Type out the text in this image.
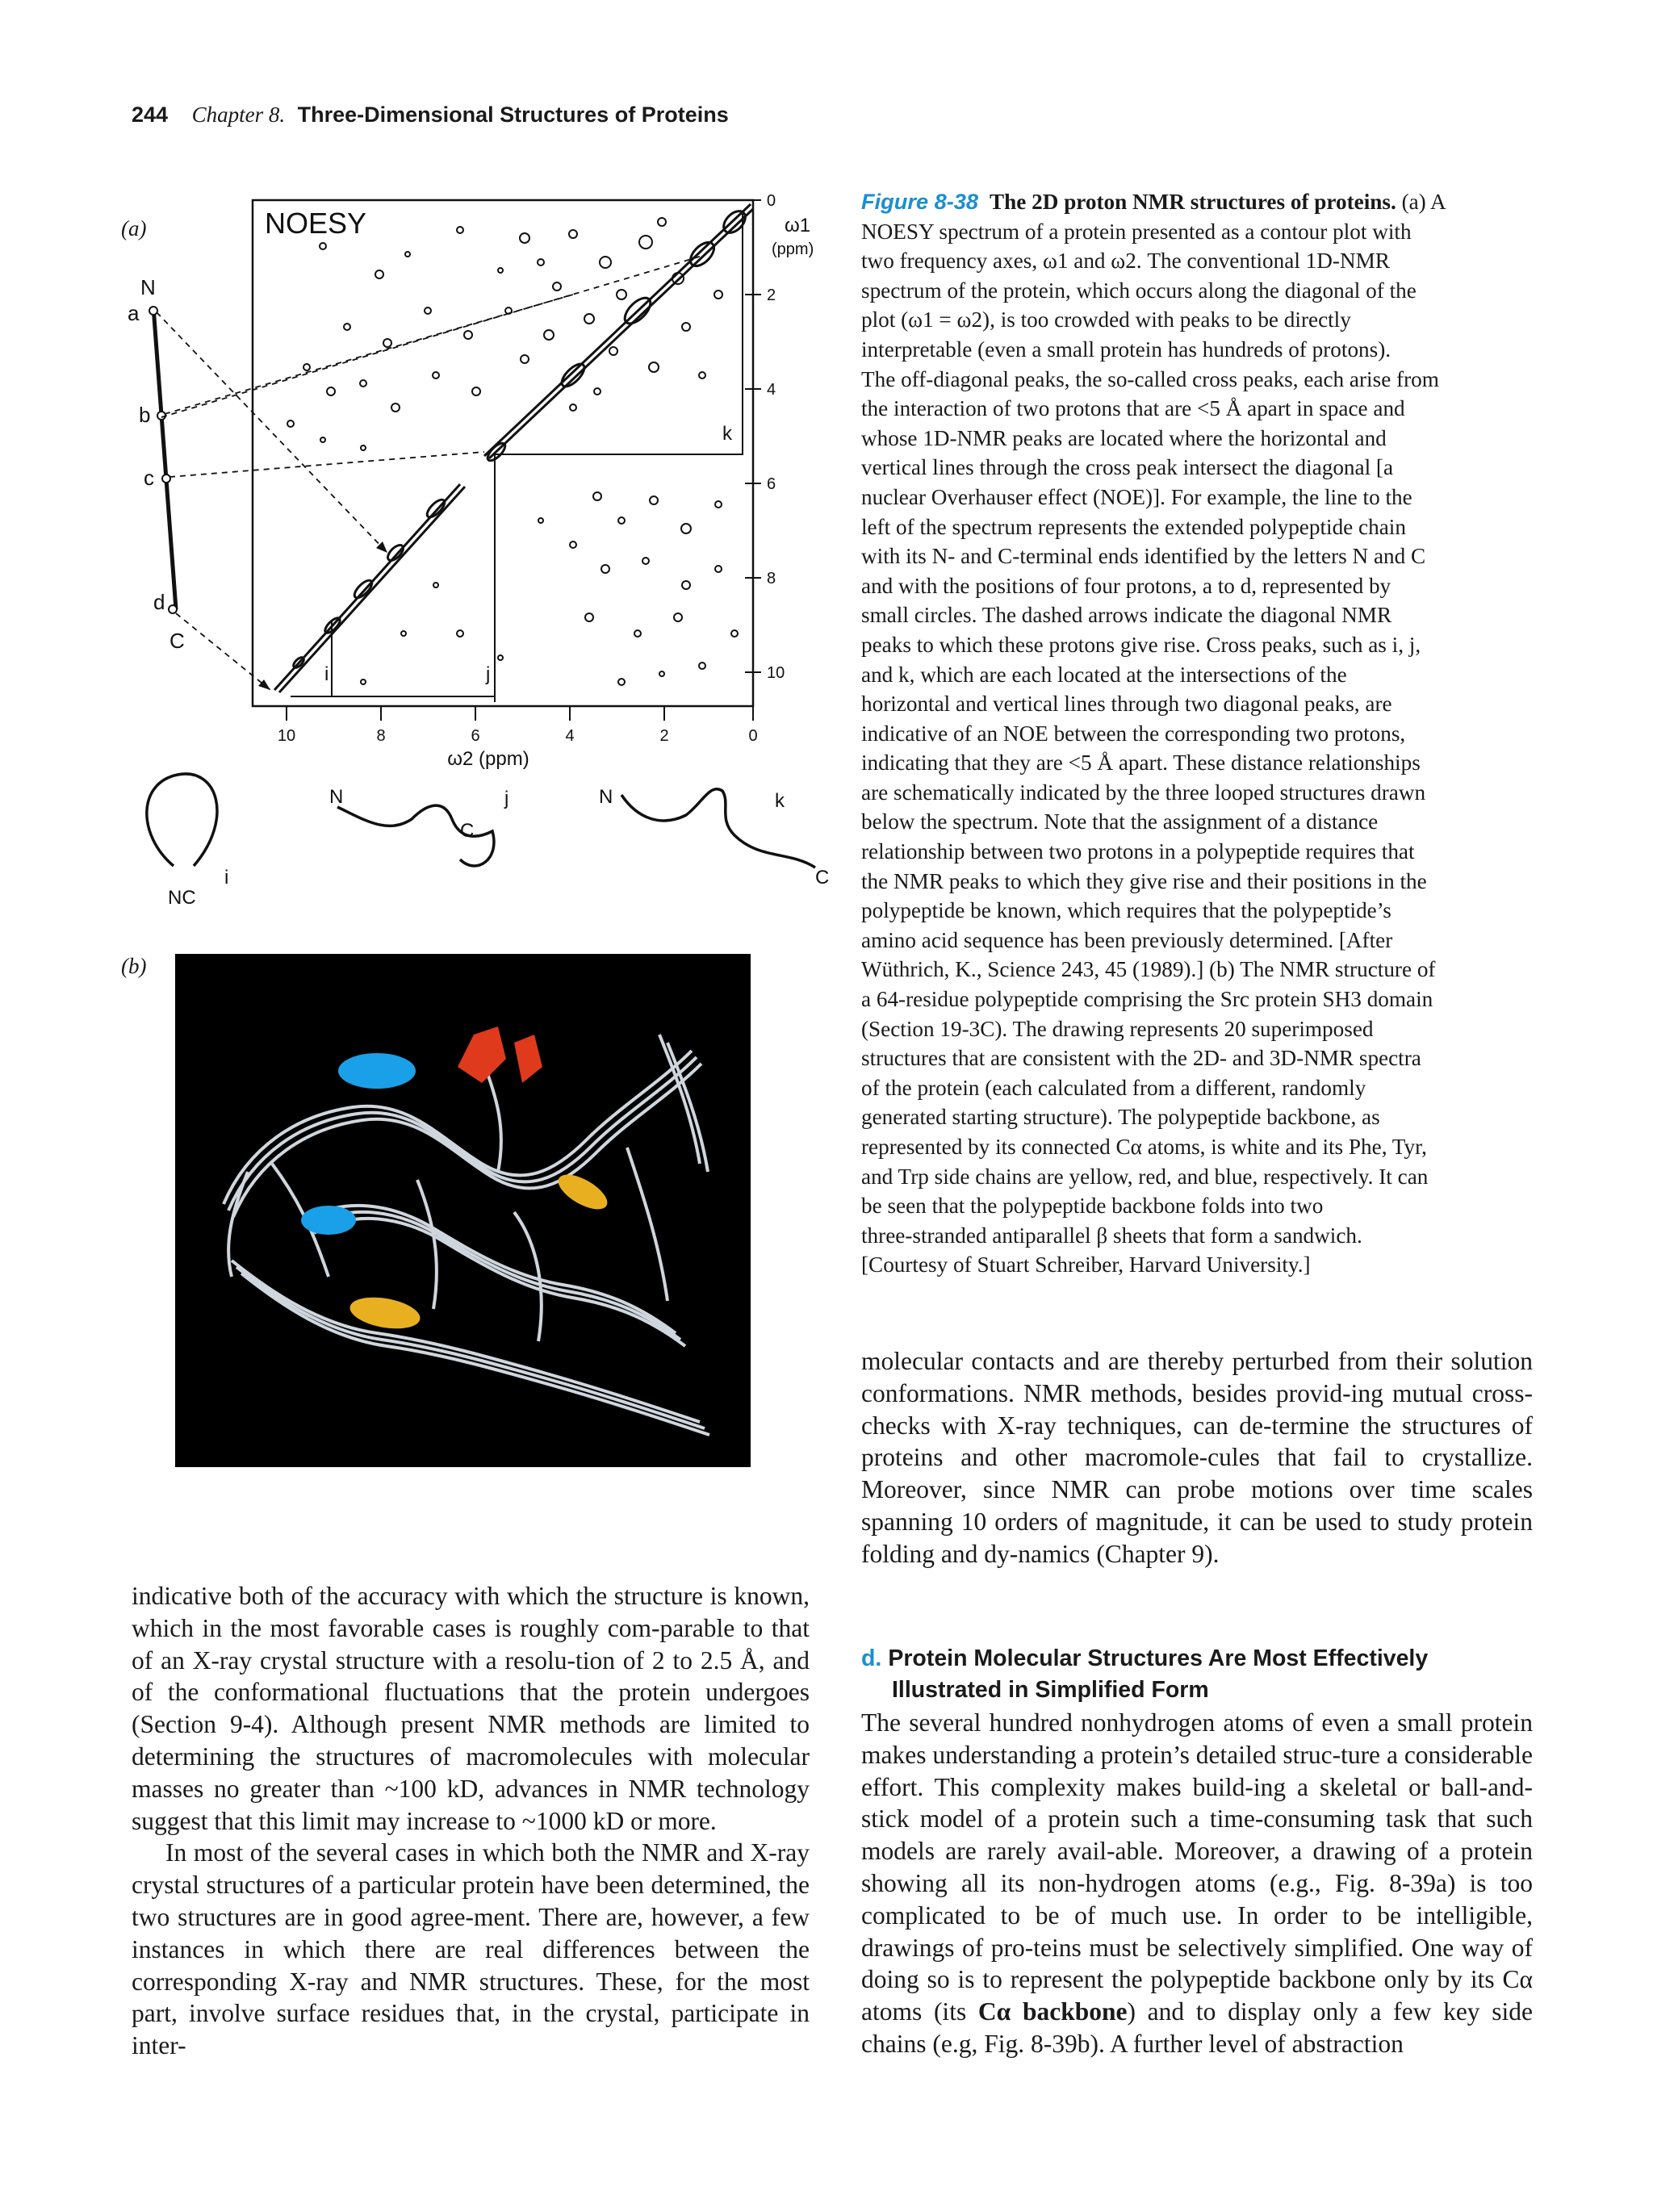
244 Chapter 8. Three-Dimensional Structures of Proteins
(a)
(b)
NOESY
0
2
4
6
8
10
ω1
(ppm)
10	8	6	4	2	0
ω2 (ppm)
i	j
k
N
a
b
c
d
C
NC
i
N
C
j	N	k
C
Figure 8-38 The 2D proton NMR structures of proteins. (a) A
NOESY spectrum of a protein presented as a contour plot with
two frequency axes, ω1 and ω2. The conventional 1D-NMR
spectrum of the protein, which occurs along the diagonal of the
plot (ω1 = ω2), is too crowded with peaks to be directly
interpretable (even a small protein has hundreds of protons).
The off-diagonal peaks, the so-called cross peaks, each arise from
the interaction of two protons that are <5 Å apart in space and
whose 1D-NMR peaks are located where the horizontal and
vertical lines through the cross peak intersect the diagonal [a
nuclear Overhauser effect (NOE)]. For example, the line to the
left of the spectrum represents the extended polypeptide chain
with its N- and C-terminal ends identified by the letters N and C
and with the positions of four protons, a to d, represented by
small circles. The dashed arrows indicate the diagonal NMR
peaks to which these protons give rise. Cross peaks, such as i, j,
and k, which are each located at the intersections of the
horizontal and vertical lines through two diagonal peaks, are
indicative of an NOE between the corresponding two protons,
indicating that they are <5 Å apart. These distance relationships
are schematically indicated by the three looped structures drawn
below the spectrum. Note that the assignment of a distance
relationship between two protons in a polypeptide requires that
the NMR peaks to which they give rise and their positions in the
polypeptide be known, which requires that the polypeptide’s
amino acid sequence has been previously determined. [After
Wüthrich, K., Science 243, 45 (1989).] (b) The NMR structure of
a 64-residue polypeptide comprising the Src protein SH3 domain
(Section 19-3C). The drawing represents 20 superimposed
structures that are consistent with the 2D- and 3D-NMR spectra
of the protein (each calculated from a different, randomly
generated starting structure). The polypeptide backbone, as
represented by its connected Cα atoms, is white and its Phe, Tyr,
and Trp side chains are yellow, red, and blue, respectively. It can
be seen that the polypeptide backbone folds into two
three-stranded antiparallel β sheets that form a sandwich.
[Courtesy of Stuart Schreiber, Harvard University.]

molecular contacts and are thereby perturbed from their solution conformations. NMR methods, besides provid-ing mutual cross-checks with X-ray techniques, can de-termine the structures of proteins and other macromole-cules that fail to crystallize. Moreover, since NMR can probe motions over time scales spanning 10 orders of magnitude, it can be used to study protein folding and dy-namics (Chapter 9).

d. Protein Molecular Structures Are Most Effectively
Illustrated in Simplified Form

The several hundred nonhydrogen atoms of even a small protein makes understanding a protein’s detailed struc-ture a considerable effort. This complexity makes build-ing a skeletal or ball-and-stick model of a protein such a time-consuming task that such models are rarely avail-able. Moreover, a drawing of a protein showing all its non-hydrogen atoms (e.g., Fig. 8-39a) is too complicated to be of much use. In order to be intelligible, drawings of pro-teins must be selectively simplified. One way of doing so is to represent the polypeptide backbone only by its Cα atoms (its Cα backbone) and to display only a few key side chains (e.g, Fig. 8-39b). A further level of abstraction

indicative both of the accuracy with which the structure is known, which in the most favorable cases is roughly com-parable to that of an X-ray crystal structure with a resolu-tion of 2 to 2.5 Å, and of the conformational fluctuations that the protein undergoes (Section 9-4). Although present NMR methods are limited to determining the structures of macromolecules with molecular masses no greater than ~100 kD, advances in NMR technology suggest that this limit may increase to ~1000 kD or more.

In most of the several cases in which both the NMR and X-ray crystal structures of a particular protein have been determined, the two structures are in good agree-ment. There are, however, a few instances in which there are real differences between the corresponding X-ray and NMR structures. These, for the most part, involve surface residues that, in the crystal, participate in inter-
